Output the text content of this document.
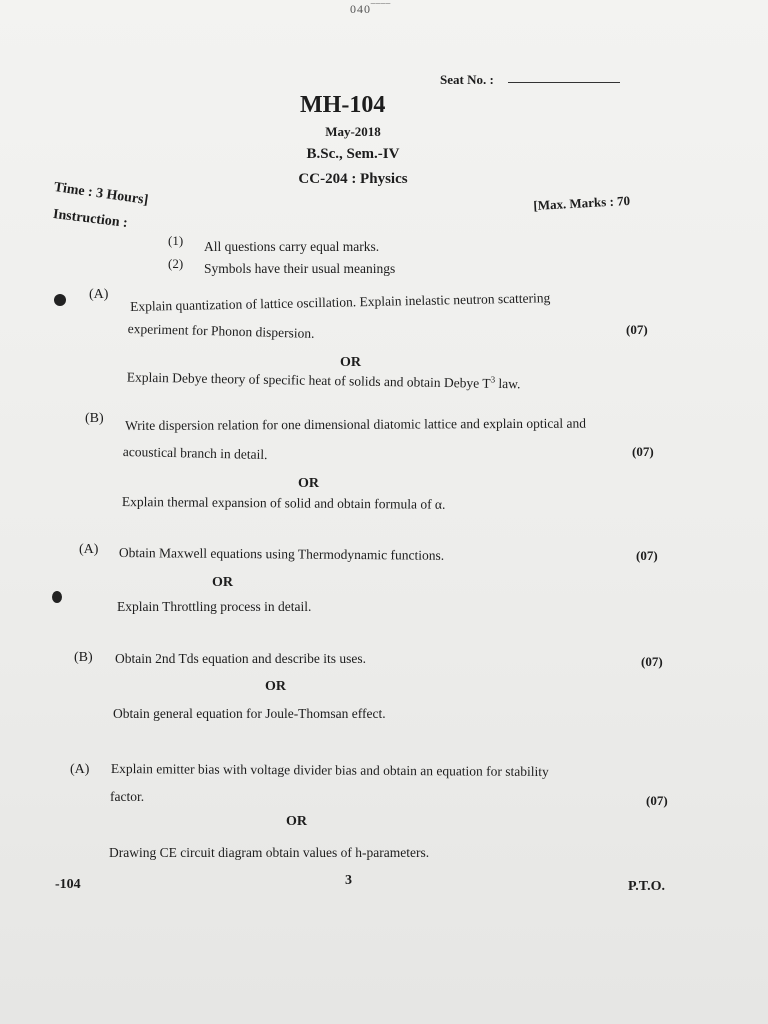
040‾‾‾‾
Seat No. :
MH-104
May-2018
B.Sc., Sem.-IV
CC-204 : Physics
Time : 3 Hours]	[Max. Marks : 70
Instruction :
(1) All questions carry equal marks.
(2) Symbols have their usual meanings
(A) Explain quantization of lattice oscillation. Explain inelastic neutron scattering
experiment for Phonon dispersion.	(07)
OR
Explain Debye theory of specific heat of solids and obtain Debye $T^3$ law.
(B) Write dispersion relation for one dimensional diatomic lattice and explain optical and
acoustical branch in detail.	(07)
OR
Explain thermal expansion of solid and obtain formula of α.
(A) Obtain Maxwell equations using Thermodynamic functions.	(07)
OR
Explain Throttling process in detail.
(B) Obtain 2nd Tds equation and describe its uses.	(07)
OR
Obtain general equation for Joule-Thomsan effect.
(A) Explain emitter bias with voltage divider bias and obtain an equation for stability
factor.	(07)
OR
Drawing CE circuit diagram obtain values of h-parameters.
-104	3	P.T.O.
